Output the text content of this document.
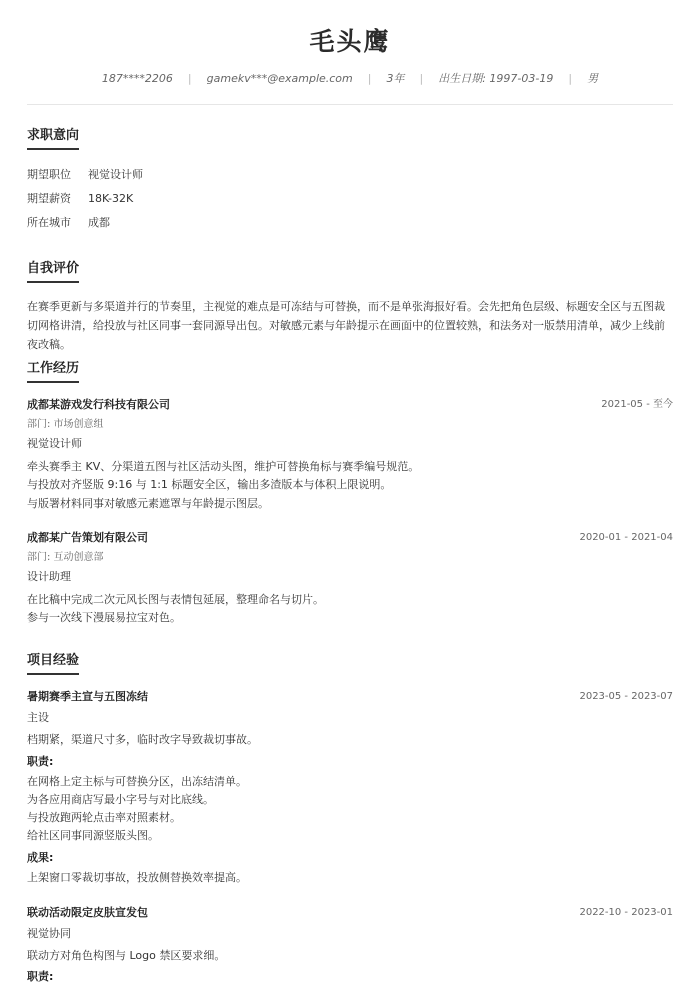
毛头鹰
187****2206 | gamekv***@example.com | 3年 | 出生日期: 1997-03-19 | 男
求职意向
期望职位 视觉设计师
期望薪资 18K-32K
所在城市 成都
自我评价
在赛季更新与多渠道并行的节奏里，主视觉的难点是可冻结与可替换，而不是单张海报好看。会先把角色层级、标题安全区与五图裁切网格讲清，给投放与社区同事一套同源导出包。对敏感元素与年龄提示在画面中的位置较熟，和法务对一版禁用清单，减少上线前夜改稿。
工作经历
成都某游戏发行科技有限公司	2021-05 - 至今
部门: 市场创意组
视觉设计师
牵头赛季主 KV、分渠道五图与社区活动头图，维护可替换角标与赛季编号规范。
与投放对齐竖版 9:16 与 1:1 标题安全区，输出多渣版本与体积上限说明。
与版署材料同事对敏感元素遮罩与年龄提示图层。
成都某广告策划有限公司	2020-01 - 2021-04
部门: 互动创意部
设计助理
在比稿中完成二次元风长图与表情包延展，整理命名与切片。
参与一次线下漫展易拉宝对色。
项目经验
暑期赛季主宣与五图冻结	2023-05 - 2023-07
主设
档期紧，渠道尺寸多，临时改字导致裁切事故。
职责:
在网格上定主标与可替换分区，出冻结清单。
为各应用商店写最小字号与对比底线。
与投放跑两轮点击率对照素材。
给社区同事同源竖版头图。
成果:
上架窗口零裁切事故，投放侧替换效率提高。
联动活动限定皮肤宣发包	2022-10 - 2023-01
视觉协同
联动方对角色构图与 Logo 禁区要求细。
职责:
